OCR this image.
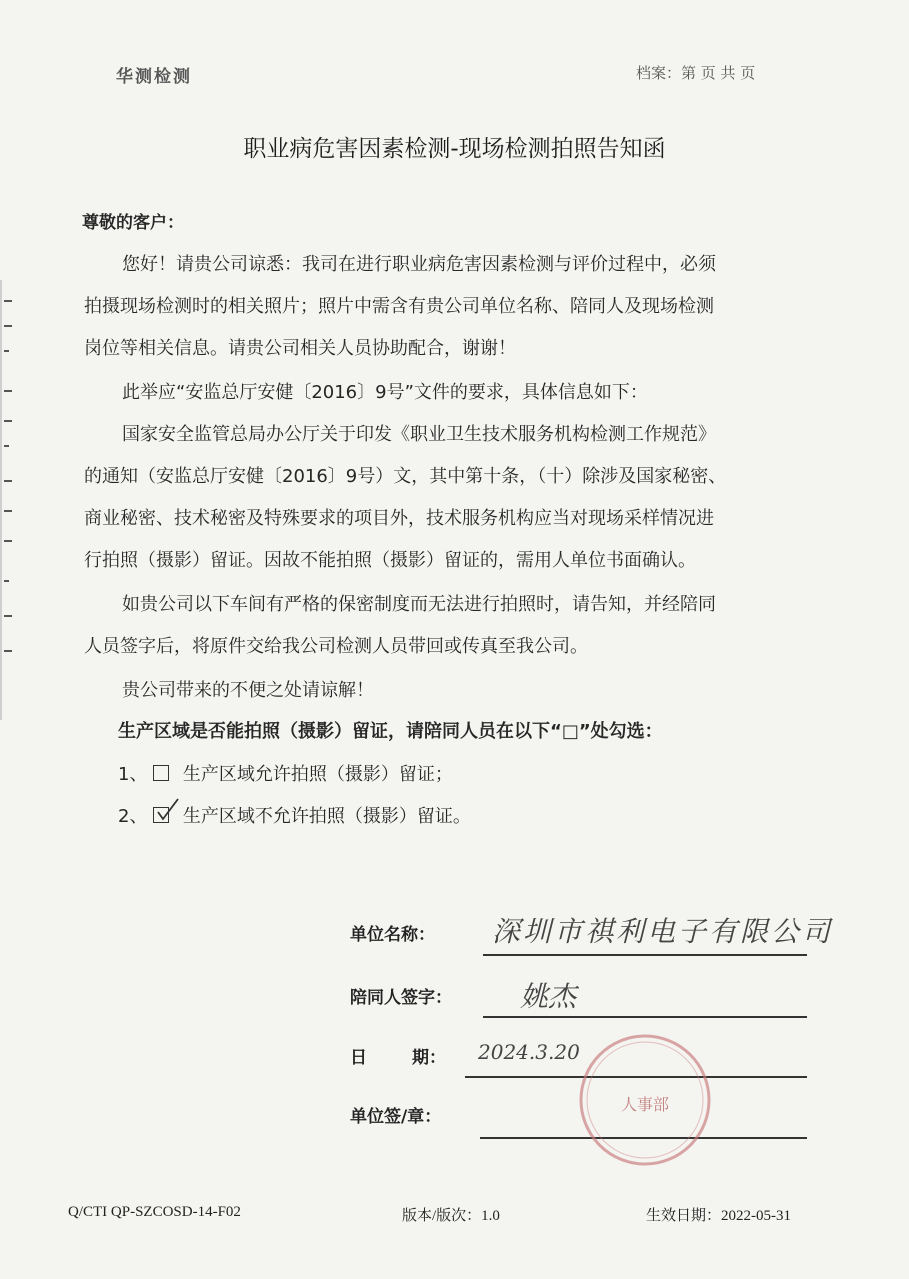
华测检测	档案：第 页 共 页
职业病危害因素检测-现场检测拍照告知函
尊敬的客户：
您好！请贵公司谅悉：我司在进行职业病危害因素检测与评价过程中，必须
拍摄现场检测时的相关照片；照片中需含有贵公司单位名称、陪同人及现场检测
岗位等相关信息。请贵公司相关人员协助配合，谢谢！
此举应“安监总厅安健〔2016〕9号”文件的要求，具体信息如下：
国家安全监管总局办公厅关于印发《职业卫生技术服务机构检测工作规范》
的通知（安监总厅安健〔2016〕9号）文，其中第十条，（十）除涉及国家秘密、
商业秘密、技术秘密及特殊要求的项目外，技术服务机构应当对现场采样情况进
行拍照（摄影）留证。因故不能拍照（摄影）留证的，需用人单位书面确认。
如贵公司以下车间有严格的保密制度而无法进行拍照时，请告知，并经陪同
人员签字后，将原件交给我公司检测人员带回或传真至我公司。
贵公司带来的不便之处请谅解！
生产区域是否能拍照（摄影）留证，请陪同人员在以下“□”处勾选：
1、 生产区域允许拍照（摄影）留证；
2、 生产区域不允许拍照（摄影）留证。
单位名称： 深圳市祺利电子有限公司
陪同人签字： 姚杰
日	期： 2024.3.20
单位签/章：
人事部
Q/CTI QP-SZCOSD-14-F02	版本/版次：1.0	生效日期：2022-05-31
